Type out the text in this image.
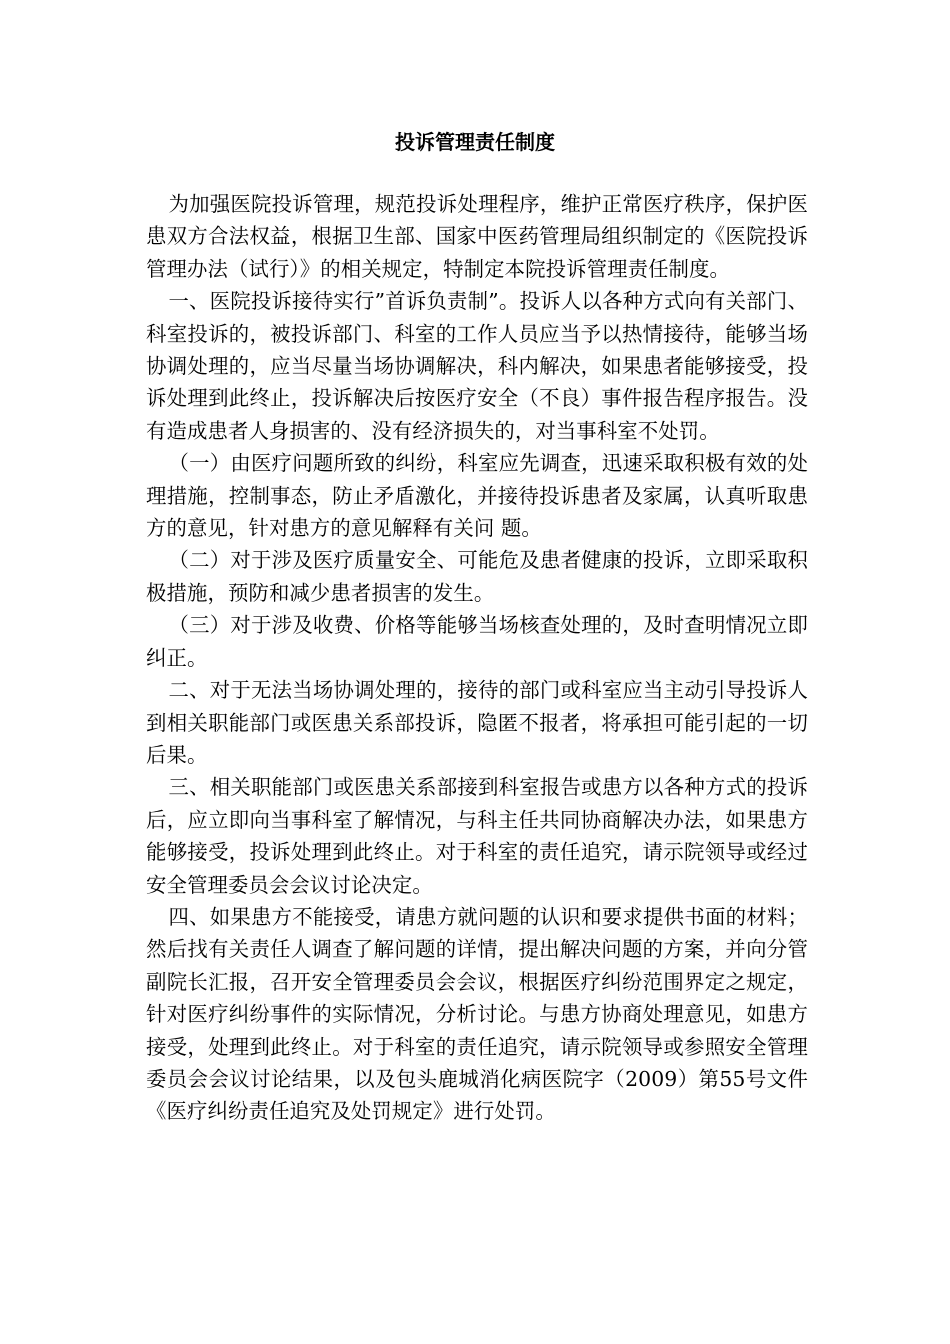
投诉管理责任制度

为加强医院投诉管理，规范投诉处理程序，维护正常医疗秩序，保护医患双方合法权益，根据卫生部、国家中医药管理局组织制定的《医院投诉管理办法（试行）》的相关规定，特制定本院投诉管理责任制度。

一、医院投诉接待实行”首诉负责制”。投诉人以各种方式向有关部门、科室投诉的，被投诉部门、科室的工作人员应当予以热情接待，能够当场协调处理的，应当尽量当场协调解决，科内解决，如果患者能够接受，投诉处理到此终止，投诉解决后按医疗安全（不良）事件报告程序报告。没有造成患者人身损害的、没有经济损失的，对当事科室不处罚。

（一）由医疗问题所致的纠纷，科室应先调查，迅速采取积极有效的处理措施，控制事态，防止矛盾激化，并接待投诉患者及家属，认真听取患方的意见，针对患方的意见解释有关问 题。

（二）对于涉及医疗质量安全、可能危及患者健康的投诉，立即采取积极措施，预防和减少患者损害的发生。

（三）对于涉及收费、价格等能够当场核查处理的，及时查明情况立即纠正。

二、对于无法当场协调处理的，接待的部门或科室应当主动引导投诉人到相关职能部门或医患关系部投诉，隐匿不报者，将承担可能引起的一切后果。

三、相关职能部门或医患关系部接到科室报告或患方以各种方式的投诉后，应立即向当事科室了解情况，与科主任共同协商解决办法，如果患方能够接受，投诉处理到此终止。对于科室的责任追究，请示院领导或经过安全管理委员会会议讨论决定。

四、如果患方不能接受，请患方就问题的认识和要求提供书面的材料；然后找有关责任人调查了解问题的详情，提出解决问题的方案，并向分管副院长汇报，召开安全管理委员会会议，根据医疗纠纷范围界定之规定，针对医疗纠纷事件的实际情况，分析讨论。与患方协商处理意见，如患方接受，处理到此终止。对于科室的责任追究，请示院领导或参照安全管理委员会会议讨论结果，以及包头鹿城消化病医院字（2009）第55号文件《医疗纠纷责任追究及处罚规定》进行处罚。
